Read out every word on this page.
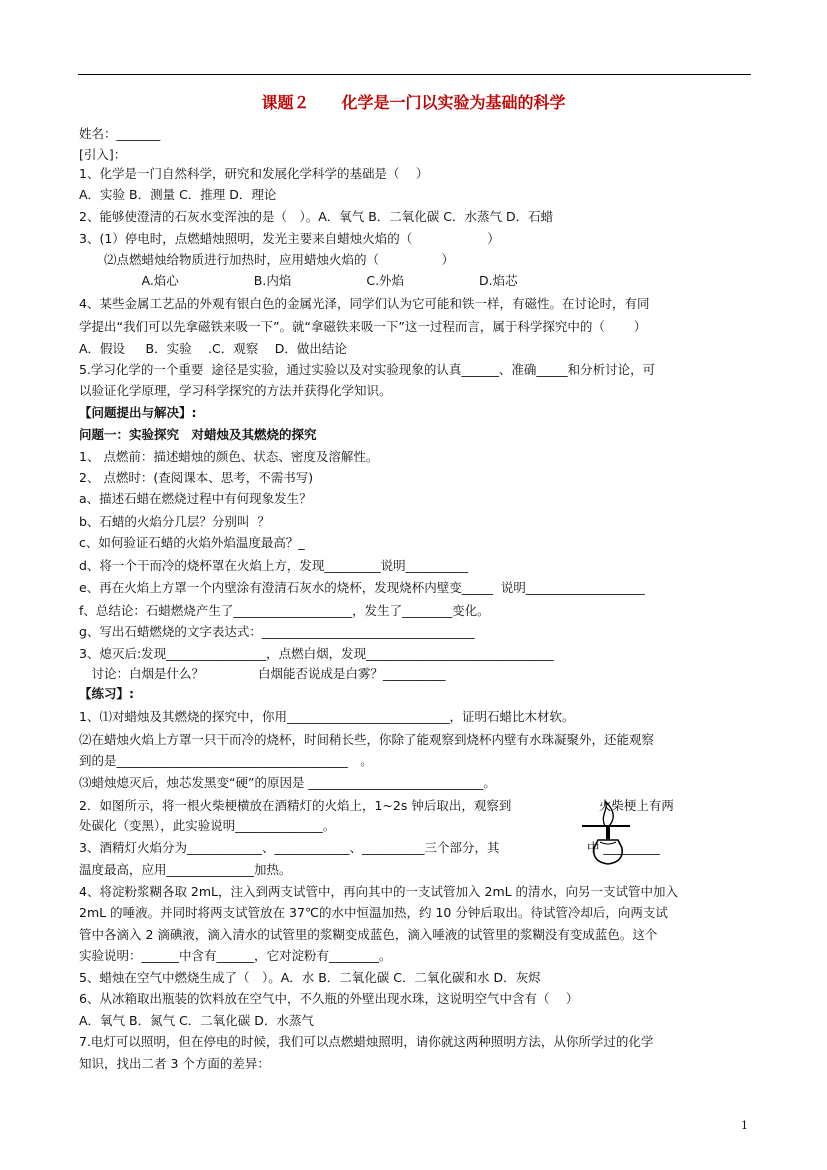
课题２　　化学是一门以实验为基础的科学
姓名：_______
[引入]：
1、化学是一门自然科学，研究和发展化学科学的基础是（　 ）
A．实验 B．测量 C．推理 D．理论
2、能够使澄清的石灰水变浑浊的是（　）。A．氧气 B．二氧化碳 C．水蒸气 D．石蜡
3、(1）停电时，点燃蜡烛照明，发光主要来自蜡烛火焰的（　　　　　　）
　　⑵点燃蜡烛给物质进行加热时，应用蜡烛火焰的（　　　　　）
　　　　　A.焰心　　　　　　B.内焰　　　　　　C.外焰　　　　　　D.焰芯
4、某些金属工艺品的外观有银白色的金属光泽，同学们认为它可能和铁一样，有磁性。在讨论时，有同
学提出“我们可以先拿磁铁来吸一下”。就“拿磁铁来吸一下”这一过程而言，属于科学探究中的（　　 ）
A．假设　  B．实验　 .C．观察　 D．做出结论
5.学习化学的一个重要  途径是实验，通过实验以及对实验现象的认真______、准确_____和分析讨论，可
以验证化学原理，学习科学探究的方法并获得化学知识。
【问题提出与解决】:
问题一：实验探究　对蜡烛及其燃烧的探究
1、 点燃前：描述蜡烛的颜色、状态、密度及溶解性。
2、 点燃时：(查阅课本、思考，不需书写)
a、描述石蜡在燃烧过程中有何现象发生？
b、石蜡的火焰分几层？分别叫  ？
c、如何验证石蜡的火焰外焰温度最高？_
d、将一个干而冷的烧杯罩在火焰上方，发现_________说明__________
e、再在火焰上方罩一个内壁涂有澄清石灰水的烧杯，发现烧杯内壁变_____  说明___________________
f、总结论：石蜡燃烧产生了___________________，发生了________变化。
g、写出石蜡燃烧的文字表达式：__________________________________
3、熄灭后:发现________________，点燃白烟，发现______________________________
　讨论：白烟是什么？　　　　 白烟能否说成是白雾？__________
【练习】:
1、⑴对蜡烛及其燃烧的探究中，你用__________________________，证明石蜡比木材软。
⑵在蜡烛火焰上方罩一只干而冷的烧杯，时间稍长些，你除了能观察到烧杯内壁有水珠凝聚外，还能观察
到的是_____________________________________　。
⑶蜡烛熄灭后，烛芯发黑变“硬”的原因是 ____________________________。
2．如图所示，将一根火柴梗横放在酒精灯的火焰上，1~2s 钟后取出，观察到　　　　　　　火柴梗上有两
处碳化（变黑），此实验说明______________。
3、酒精灯火焰分为____________、____________、__________三个部分，其　　　　　　　中 _________
温度最高，应用______________加热。
4、将淀粉浆糊各取 2mL，注入到两支试管中，再向其中的一支试管加入 2mL 的清水，向另一支试管中加入
2mL 的唾液。并同时将两支试管放在 37℃的水中恒温加热，约 10 分钟后取出。待试管冷却后，向两支试
管中各滴入 2 滴碘液，滴入清水的试管里的浆糊变成蓝色，滴入唾液的试管里的浆糊没有变成蓝色。这个
实验说明：______中含有______，它对淀粉有________。
5、蜡烛在空气中燃烧生成了（　）。A．水 B．二氧化碳 C．二氧化碳和水 D．灰烬
6、从冰箱取出瓶装的饮料放在空气中，不久瓶的外壁出现水珠，这说明空气中含有（　 ）
A．氧气 B．氮气 C．二氧化碳 D．水蒸气
7.电灯可以照明，但在停电的时候，我们可以点燃蜡烛照明，请你就这两种照明方法，从你所学过的化学
知识，找出二者 3 个方面的差异：
1
